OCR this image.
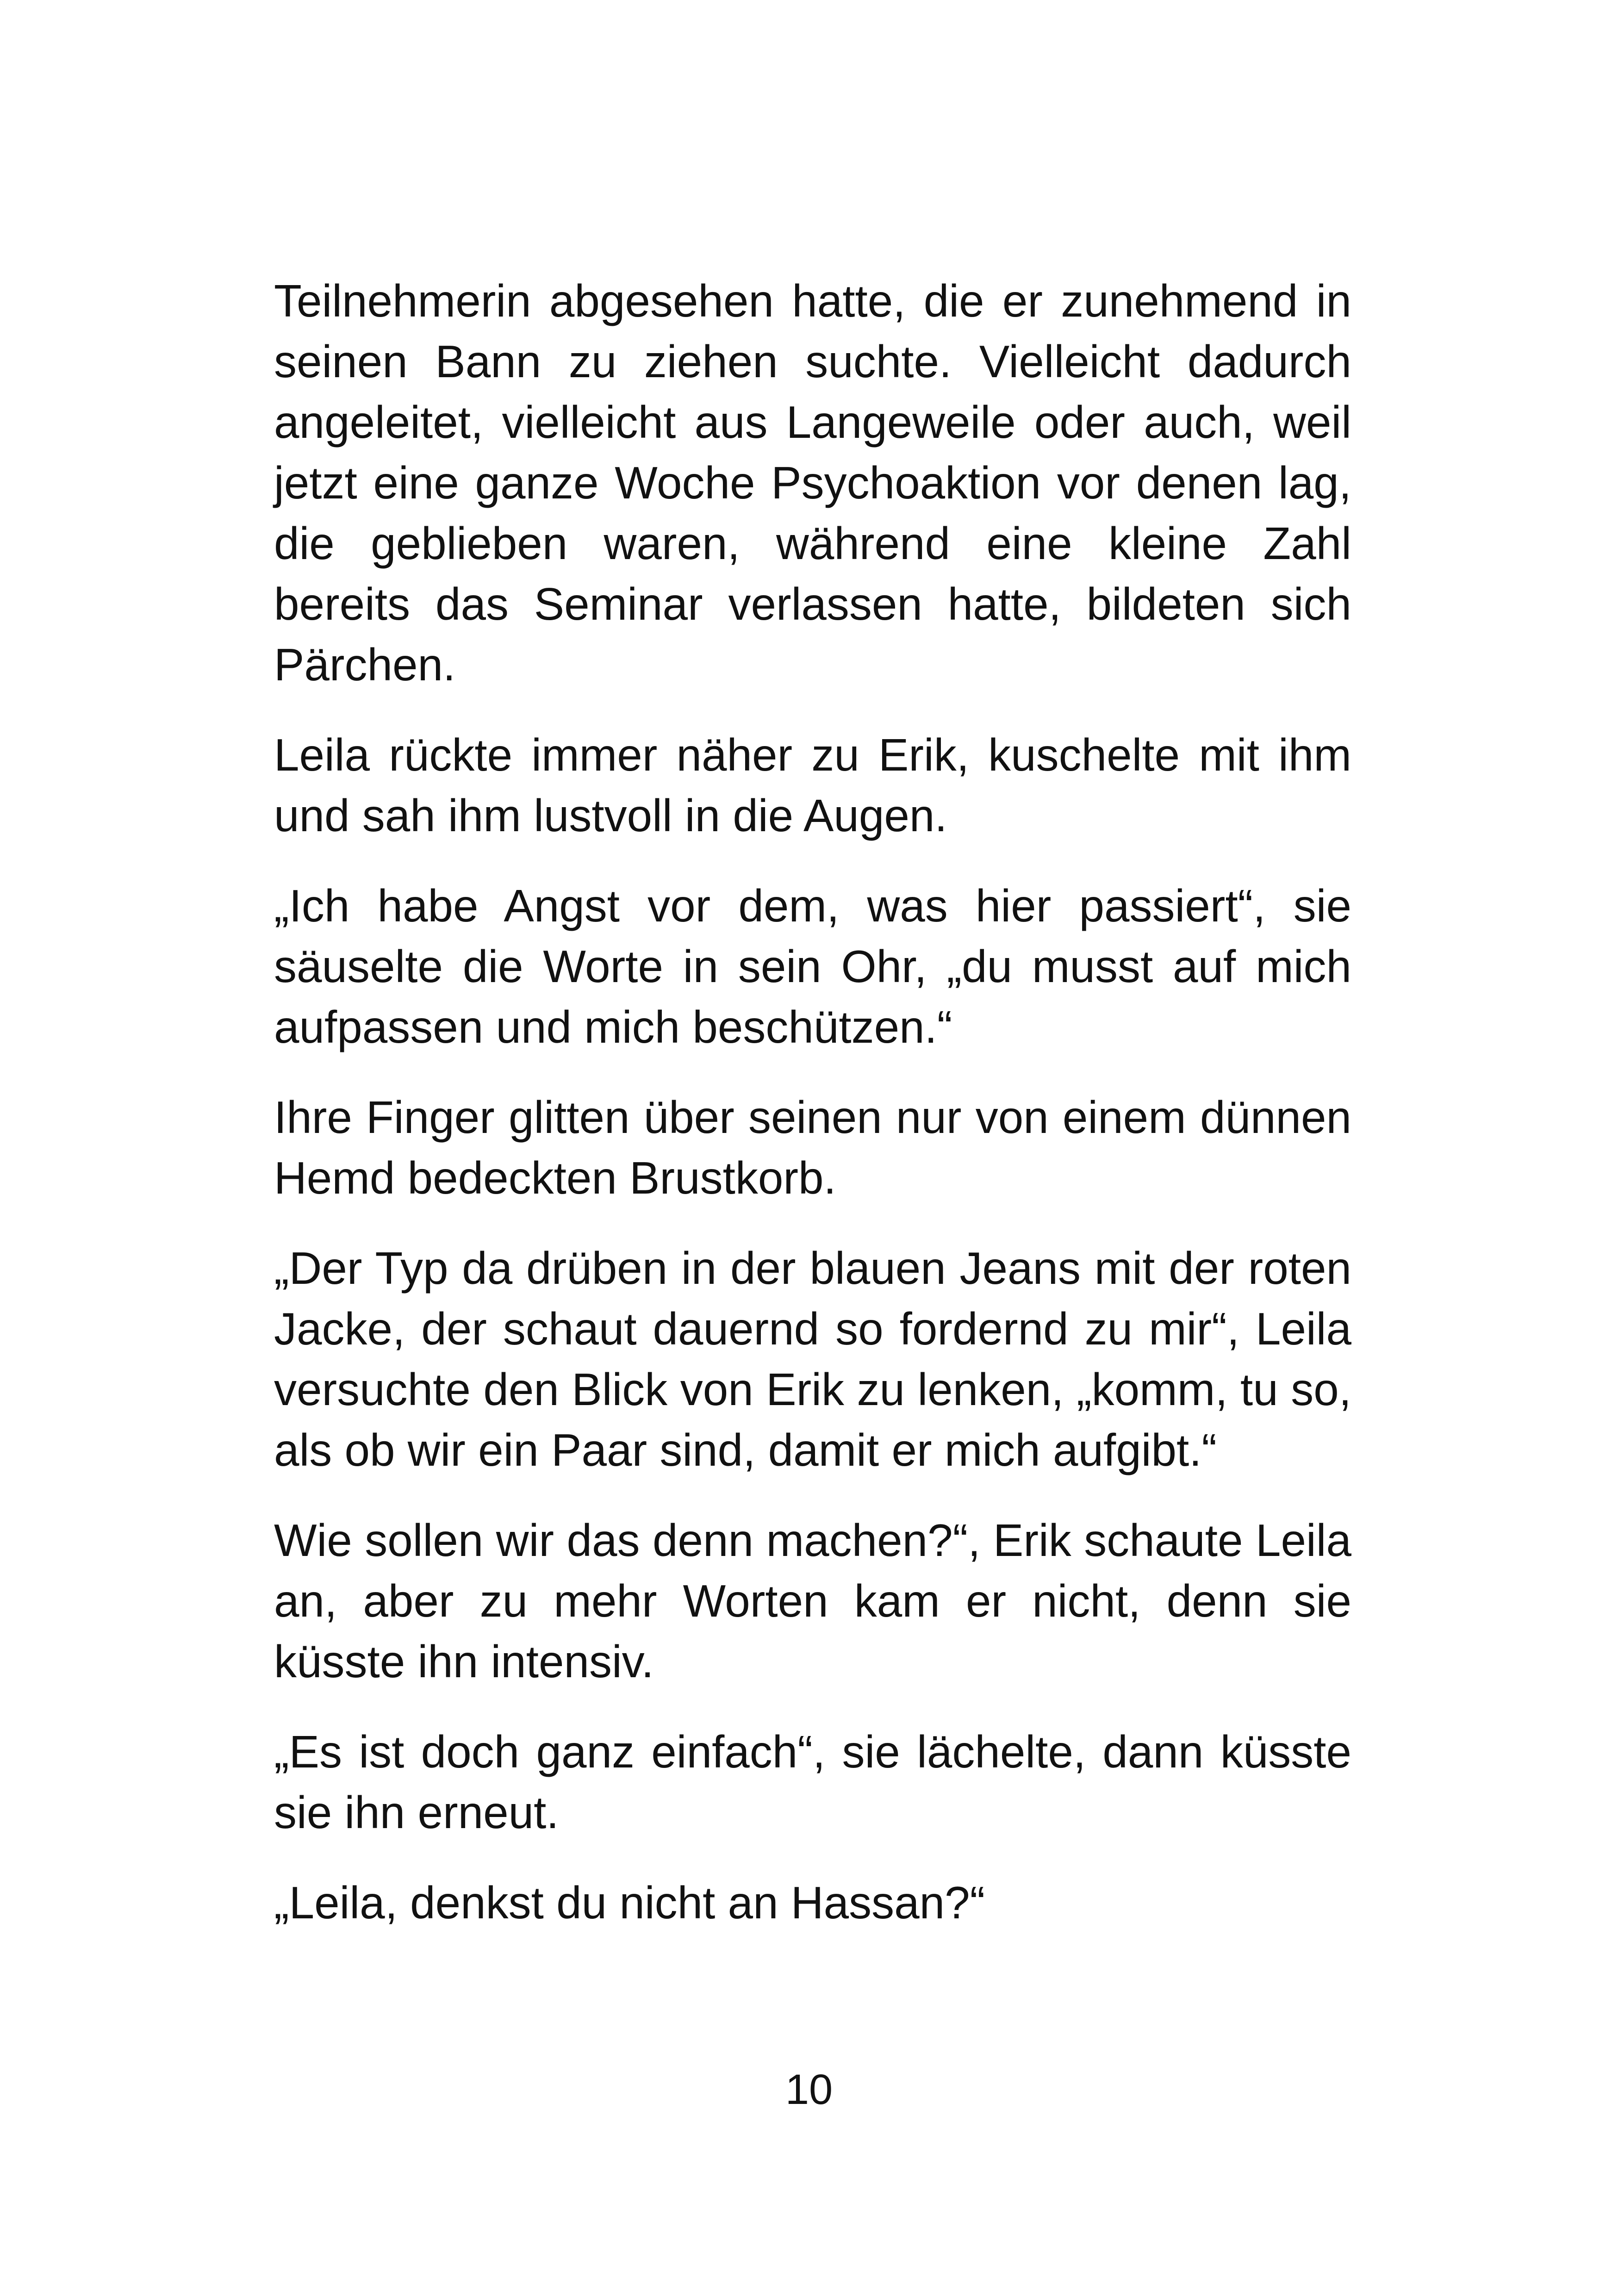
Teilnehmerin abgesehen hatte, die er zunehmend in seinen Bann zu ziehen suchte. Vielleicht dadurch angeleitet, vielleicht aus Langeweile oder auch, weil jetzt eine ganze Woche Psychoaktion vor denen lag, die geblieben waren, während eine kleine Zahl bereits das Seminar verlassen hatte, bildeten sich Pärchen.

Leila rückte immer näher zu Erik, kuschelte mit ihm und sah ihm lustvoll in die Augen.

„Ich habe Angst vor dem, was hier passiert“, sie säuselte die Worte in sein Ohr, „du musst auf mich aufpassen und mich beschützen.“

Ihre Finger glitten über seinen nur von einem dünnen Hemd bedeckten Brustkorb.

„Der Typ da drüben in der blauen Jeans mit der roten Jacke, der schaut dauernd so fordernd zu mir“, Leila versuchte den Blick von Erik zu lenken, „komm, tu so, als ob wir ein Paar sind, damit er mich aufgibt.“

Wie sollen wir das denn machen?“, Erik schaute Leila an, aber zu mehr Worten kam er nicht, denn sie küsste ihn intensiv.

„Es ist doch ganz einfach“, sie lächelte, dann küsste sie ihn erneut.

„Leila, denkst du nicht an Hassan?“

10
